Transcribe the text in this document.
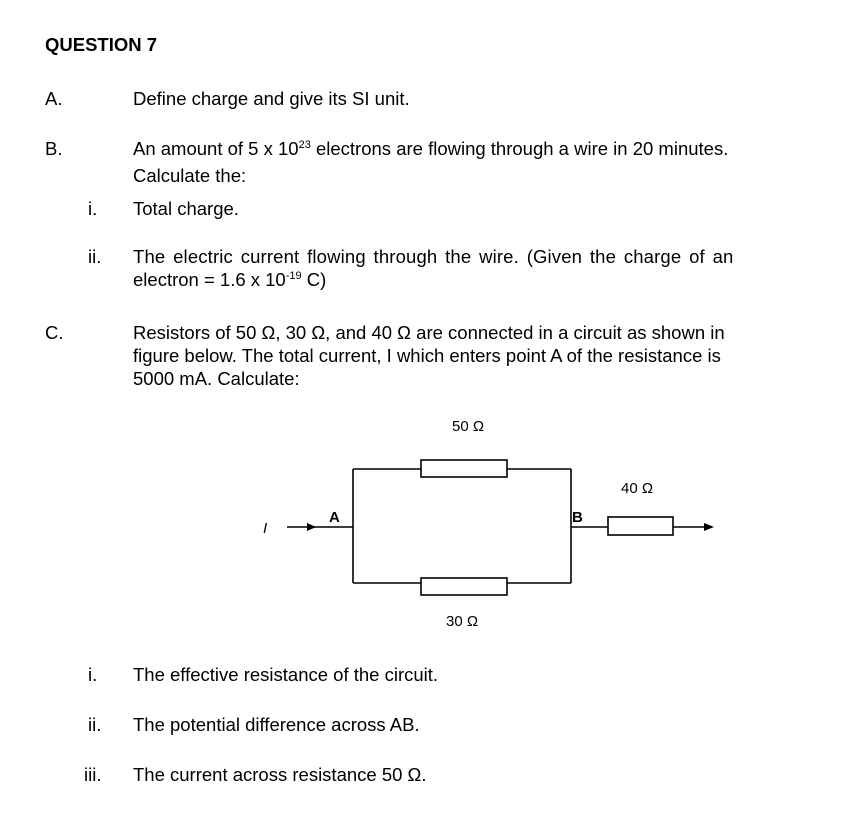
QUESTION 7
A.	Define charge and give its SI unit.
B.	An amount of 5 x $10^{23}$ electrons are flowing through a wire in 20 minutes.
Calculate the:
i. Total charge.
ii. The electric current flowing through the wire. (Given the charge of an
electron = 1.6 x $10^{-19}$ C)
C.	Resistors of 50 Ω, 30 Ω, and 40 Ω are connected in a circuit as shown in
figure below. The total current, I which enters point A of the resistance is
5000 mA. Calculate:
50 Ω
30 Ω
40 Ω
I
A	B
i. The effective resistance of the circuit.
ii. The potential difference across AB.
iii. The current across resistance 50 Ω.
